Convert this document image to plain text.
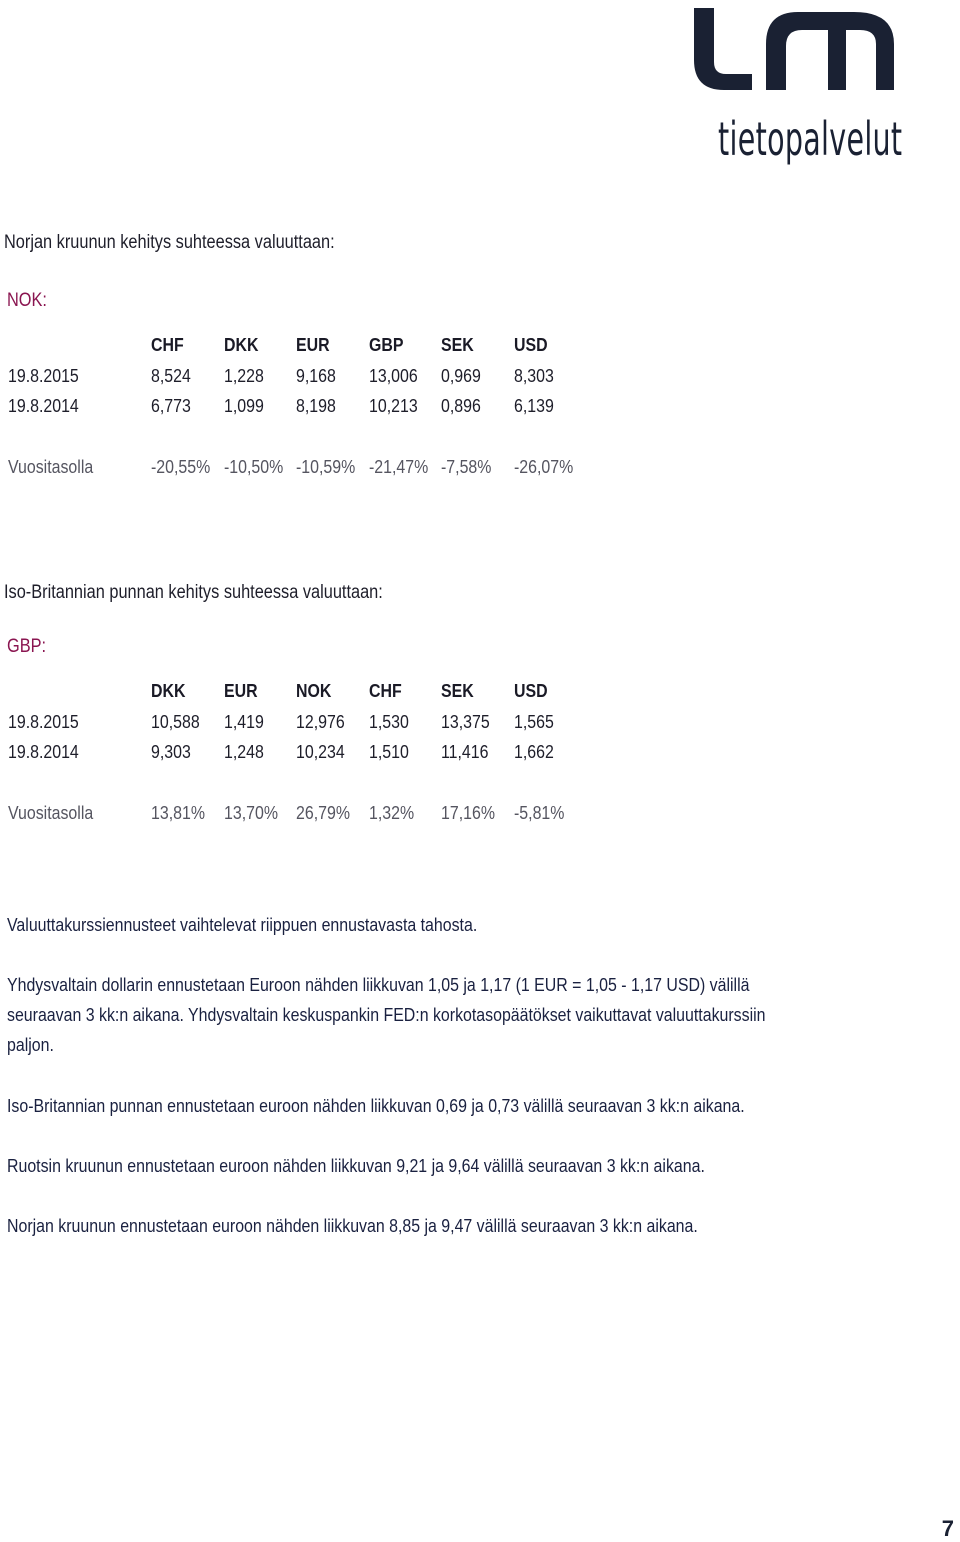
tietopalvelut
Norjan kruunun kehitys suhteessa valuuttaan:
NOK:
CHF DKK EUR GBP SEK USD
19.8.2015	8,524 1,228 9,168 13,006 0,969 8,303
19.8.2014	6,773 1,099 8,198 10,213 0,896 6,139
Vuositasolla	-20,55% -10,50% -10,59% -21,47% -7,58% -26,07%
Iso-Britannian punnan kehitys suhteessa valuuttaan:
GBP:
DKK EUR NOK CHF SEK USD
19.8.2015	10,588 1,419 12,976 1,530 13,375 1,565
19.8.2014	9,303 1,248 10,234 1,510 11,416 1,662
Vuositasolla	13,81% 13,70% 26,79% 1,32% 17,16% -5,81%
Valuuttakurssiennusteet vaihtelevat riippuen ennustavasta tahosta.
Yhdysvaltain dollarin ennustetaan Euroon nähden liikkuvan 1,05 ja 1,17 (1 EUR = 1,05 - 1,17 USD) välillä seuraavan 3 kk:n aikana. Yhdysvaltain keskuspankin FED:n korkotasopäätökset vaikuttavat valuuttakurssiin paljon.
Iso-Britannian punnan ennustetaan euroon nähden liikkuvan 0,69 ja 0,73 välillä seuraavan 3 kk:n aikana.
Ruotsin kruunun ennustetaan euroon nähden liikkuvan 9,21 ja 9,64 välillä seuraavan 3 kk:n aikana.
Norjan kruunun ennustetaan euroon nähden liikkuvan 8,85 ja 9,47 välillä seuraavan 3 kk:n aikana.
7
